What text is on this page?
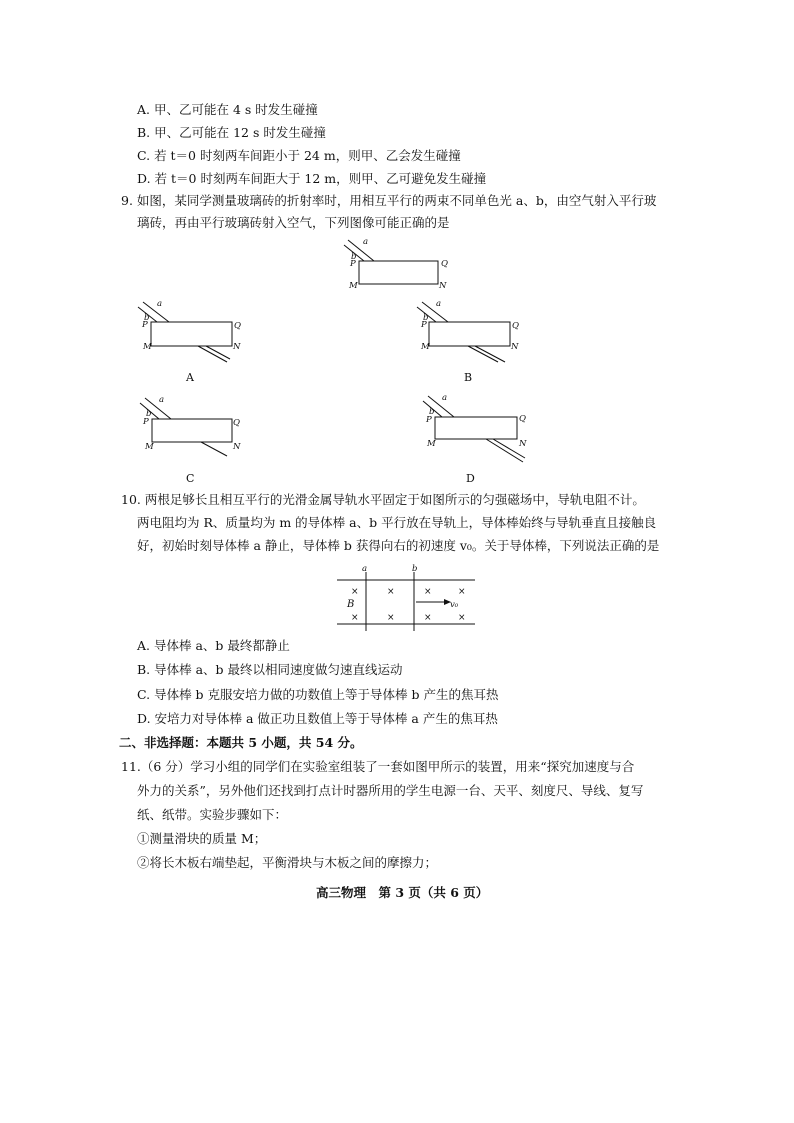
A. 甲、乙可能在 4 s 时发生碰撞
B. 甲、乙可能在 12 s 时发生碰撞
C. 若 t＝0 时刻两车间距小于 24 m，则甲、乙会发生碰撞
D. 若 t＝0 时刻两车间距大于 12 m，则甲、乙可避免发生碰撞
9. 如图，某同学测量玻璃砖的折射率时，用相互平行的两束不同单色光 a、b，由空气射入平行玻
璃砖，再由平行玻璃砖射入空气，下列图像可能正确的是
a
b
P	Q
M	N
a
b
P	Q
M	N
A
a
b
P	Q
M	N
B
a
b
P	Q
M	N
C
a
b
P	Q
M	N
D
10. 两根足够长且相互平行的光滑金属导轨水平固定于如图所示的匀强磁场中，导轨电阻不计。
两电阻均为 R、质量均为 m 的导体棒 a、b 平行放在导轨上，导体棒始终与导轨垂直且接触良
好，初始时刻导体棒 a 静止，导体棒 b 获得向右的初速度 v₀。关于导体棒，下列说法正确的是
a	b
B	v₀
×	×	×	×
×	×	×	×
A. 导体棒 a、b 最终都静止
B. 导体棒 a、b 最终以相同速度做匀速直线运动
C. 导体棒 b 克服安培力做的功数值上等于导体棒 b 产生的焦耳热
D. 安培力对导体棒 a 做正功且数值上等于导体棒 a 产生的焦耳热
二、非选择题：本题共 5 小题，共 54 分。
11.（6 分）学习小组的同学们在实验室组装了一套如图甲所示的装置，用来“探究加速度与合
外力的关系”，另外他们还找到打点计时器所用的学生电源一台、天平、刻度尺、导线、复写
纸、纸带。实验步骤如下：
①测量滑块的质量 M；
②将长木板右端垫起，平衡滑块与木板之间的摩擦力；
高三物理　第 3 页（共 6 页）
